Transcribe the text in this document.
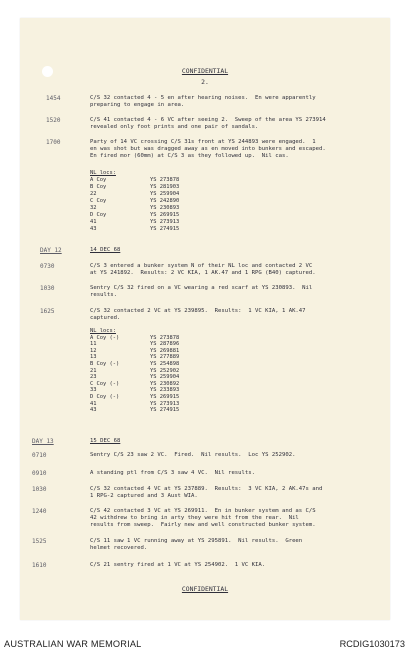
CONFIDENTIAL
2.
1454	C/S 32 contacted 4 - 5 en after hearing noises.  En were apparently
preparing to engage in area.
1520	C/S 41 contacted 4 - 6 VC after seeing 2.  Sweep of the area YS 273914
revealed only foot prints and one pair of sandals.
1700	Party of 14 VC crossing C/S 31s front at YS 244893 were engaged.  1
en was shot but was dragged away as en moved into bunkers and escaped.
En fired mor (60mm) at C/S 3 as they followed up.  Nil cas.
NL locs:
A Coy	YS 273878
B Coy	YS 281903
22	YS 259904
C Coy	YS 242890
32	YS 230893
D Coy	YS 269915
41	YS 273913
43	YS 274915
DAY 12	14 DEC 68
0730	C/S 3 entered a bunker system N of their NL loc and contacted 2 VC
at YS 241892.  Results: 2 VC KIA, 1 AK.47 and 1 RPG (B40) captured.
1030	Sentry C/S 32 fired on a VC wearing a red scarf at YS 230893.  Nil
results.
1625	C/S 32 contacted 2 VC at YS 239895.  Results:  1 VC KIA, 1 AK.47
captured.
NL locs:
A Coy (-)	YS 273878
11	YS 287896
12	YS 269881
13	YS 277889
B Coy (-)	YS 254898
21	YS 252902
23	YS 259904
C Coy (-)	YS 230892
33	YS 233893
D Coy (-)	YS 269915
41	YS 273913
43	YS 274915
DAY 13	15 DEC 68
0710	Sentry C/S 23 saw 2 VC.  Fired.  Nil results.  Loc YS 252902.
0910	A standing ptl from C/S 3 saw 4 VC.  Nil results.
1030	C/S 32 contacted 4 VC at YS 237889.  Results:  3 VC KIA, 2 AK.47s and
1 RPG-2 captured and 3 Aust WIA.
1240	C/S 42 contacted 3 VC at YS 269911.  En in bunker system and as C/S
42 withdrew to bring in arty they were hit from the rear.  Nil
results from sweep.  Fairly new and well constructed bunker system.
1525	C/S 11 saw 1 VC running away at YS 295891.  Nil results.  Green
helmet recovered.
1610	C/S 21 sentry fired at 1 VC at YS 254902.  1 VC KIA.
CONFIDENTIAL
AUSTRALIAN WAR MEMORIAL	RCDIG1030173
